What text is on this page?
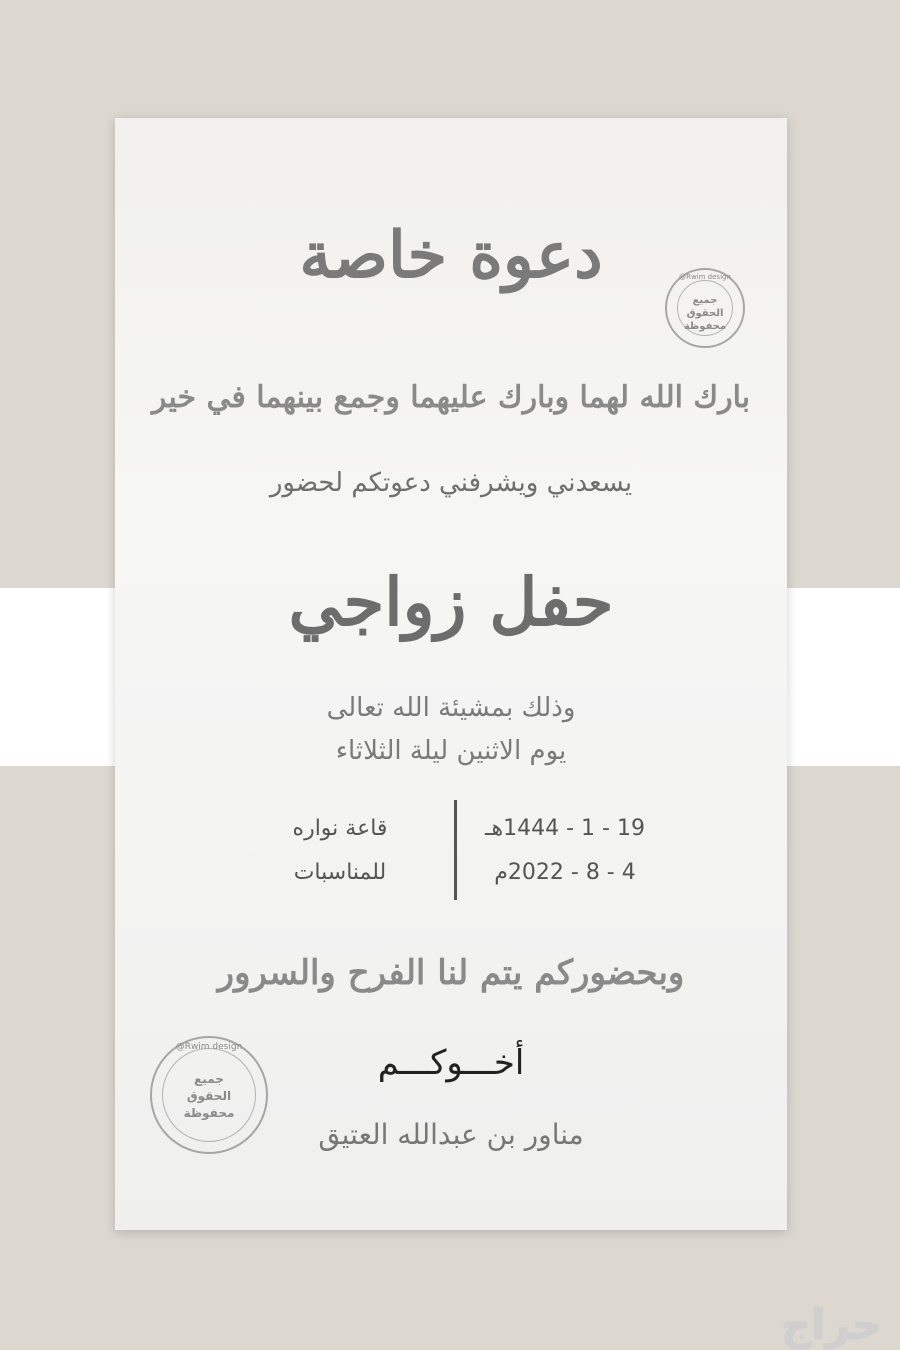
دعوة خاصة
بارك الله لهما وبارك عليهما وجمع بينهما في خير
يسعدني ويشرفني دعوتكم لحضور
حفل زواجي
وذلك بمشيئة الله تعالى
يوم الاثنين ليلة الثلاثاء
19 - 1 - 1444هـ
4 - 8 - 2022م
قاعة نواره
للمناسبات
وبحضوركم يتم لنا الفرح والسرور
أخـــوكـــم
مناور بن عبدالله العتيق
@Rwim design
جميع
الحقوق
محفوظة
@Rwim design
جميع
الحقوق
محفوظة
حراج
